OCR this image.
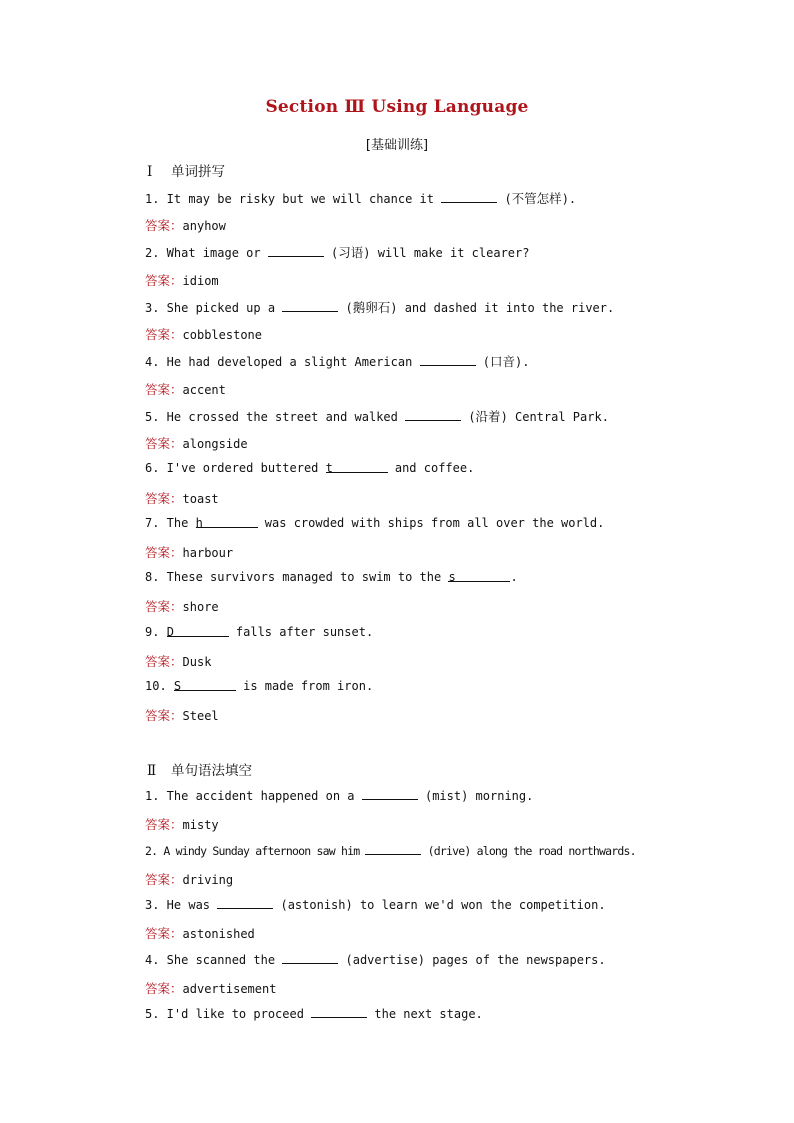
Section Ⅲ Using Language
[基础训练]
Ⅰ 单词拼写
1. It may be risky but we will chance it	(不管怎样).
答案：anyhow
2. What image or	(习语) will make it clearer?
答案：idiom
3. She picked up a	(鹅卵石) and dashed it into the river.
答案：cobblestone
4. He had developed a slight American	(口音).
答案：accent
5. He crossed the street and walked	(沿着) Central Park.
答案：alongside
6. I've ordered buttered t	and coffee.
答案：toast
7. The h	was crowded with ships from all over the world.
答案：harbour
8. These survivors managed to swim to the s	.
答案：shore
9. D	falls after sunset.
答案：Dusk
10. S	is made from iron.
答案：Steel
Ⅱ 单句语法填空
1. The accident happened on a	(mist) morning.
答案：misty
2. A windy Sunday afternoon saw him	(drive) along the road northwards.
答案：driving
3. He was	(astonish) to learn we'd won the competition.
答案：astonished
4. She scanned the	(advertise) pages of the newspapers.
答案：advertisement
5. I'd like to proceed	the next stage.
